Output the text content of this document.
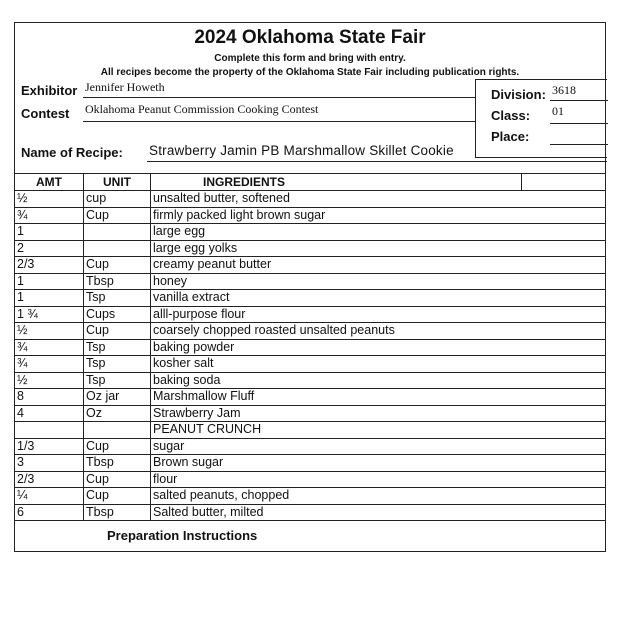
2024 Oklahoma State Fair
Complete this form and bring with entry.
All recipes become the property of the Oklahoma State Fair including publication rights.
Exhibitor Jennifer Howeth
Contest Oklahoma Peanut Commission Cooking Contest
Division: 3618
Class: 01
Place:
Name of Recipe: Strawberry Jamin PB Marshmallow Skillet Cookie
AMT	UNIT	INGREDIENTS	
½	cup	unsalted butter, softened	
¾	Cup	firmly packed light brown sugar	
1		large egg	
2		large egg yolks	
2/3	Cup	creamy peanut butter	
1	Tbsp	honey	
1	Tsp	vanilla extract	
1 ¾	Cups	alll-purpose flour	
½	Cup	coarsely chopped roasted unsalted peanuts	
¾	Tsp	baking powder	
¾	Tsp	kosher salt	
½	Tsp	baking soda	
8	Oz jar	Marshmallow Fluff	
4	Oz	Strawberry Jam	
		PEANUT CRUNCH	
1/3	Cup	sugar	
3	Tbsp	Brown sugar	
2/3	Cup	flour	
¼	Cup	salted peanuts, chopped	
6	Tbsp	Salted butter, milted	
Preparation Instructions
